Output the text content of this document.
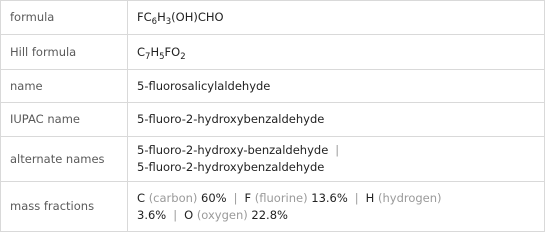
formula	$FC_6H_3(OH)CHO$
Hill formula	$C_7H_5FO_2$
name	5-fluorosalicylaldehyde
IUPAC name	5-fluoro-2-hydroxybenzaldehyde
alternate names	5-fluoro-2-hydroxy-benzaldehyde |
5-fluoro-2-hydroxybenzaldehyde
mass fractions	C (carbon) 60% | F (fluorine) 13.6% | H (hydrogen)
3.6% | O (oxygen) 22.8%
